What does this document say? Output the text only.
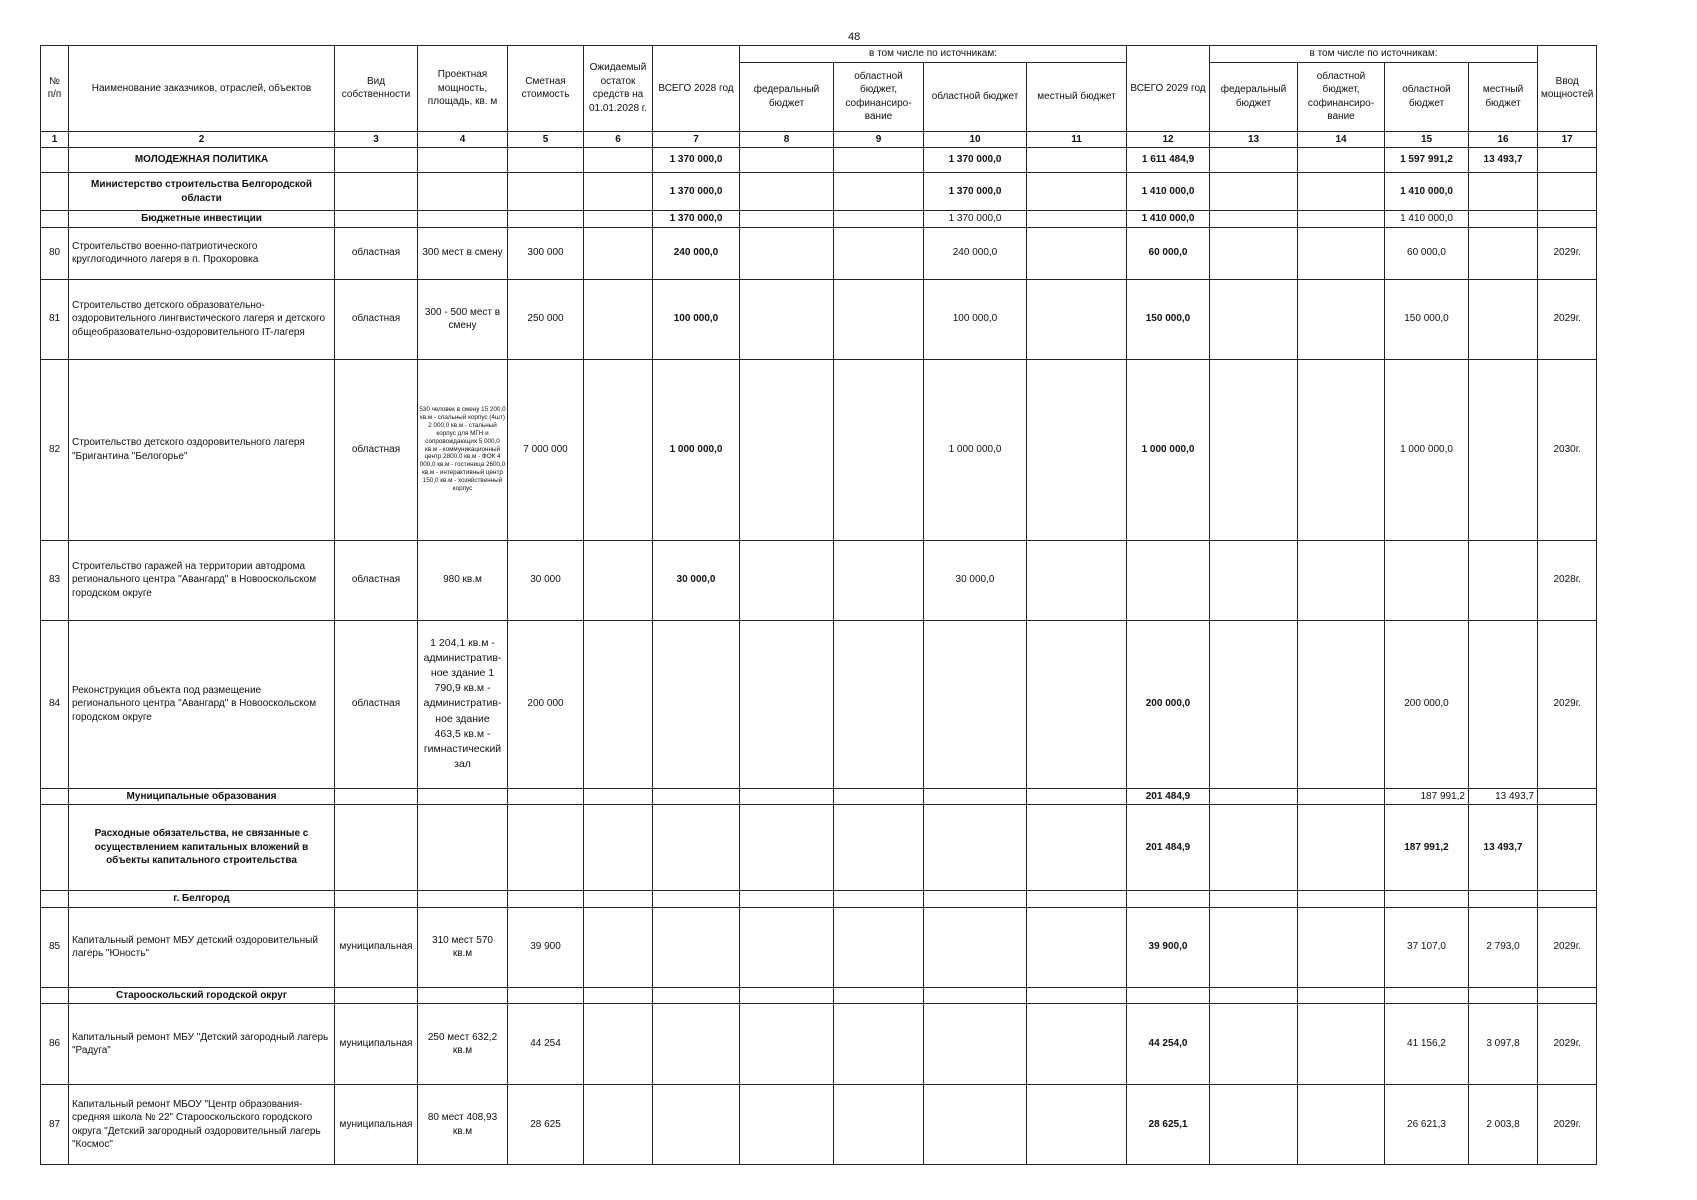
48
№ п/п	Наименование заказчиков, отраслей, объектов	Вид собственности	Проектная мощность, площадь, кв. м	Сметная стоимость	Ожидаемый остаток средств на 01.01.2028 г.	ВСЕГО 2028 год	в том числе по источникам:				ВСЕГО 2029 год	в том числе по источникам:				Ввод мощностей
							федеральный бюджет	областной бюджет, софинансиро-вание	областной бюджет	местный бюджет		федеральный бюджет	областной бюджет, софинансиро-вание	областной бюджет	местный бюджет	
1	2	3	4	5	6	7	8	9	10	11	12	13	14	15	16	17
	МОЛОДЕЖНАЯ ПОЛИТИКА					1 370 000,0			1 370 000,0		1 611 484,9			1 597 991,2	13 493,7	
	Министерство строительства Белгородской области					1 370 000,0			1 370 000,0		1 410 000,0			1 410 000,0		
	Бюджетные инвестиции					1 370 000,0			1 370 000,0		1 410 000,0			1 410 000,0		
80	Строительство военно-патриотического круглогодичного лагеря в п. Прохоровка	областная	300 мест в смену	300 000		240 000,0			240 000,0		60 000,0			60 000,0		2029г.
81	Строительство детского образовательно-оздоровительного лингвистического лагеря и детского общеобразовательно-оздоровительного IT-лагеря	областная	300 - 500 мест в смену	250 000		100 000,0			100 000,0		150 000,0			150 000,0		2029г.
82	Строительство детского оздоровительного лагеря "Бригантина "Белогорье"	областная	530 человек в смену 15 200,0 кв.м - спальный корпус (4шт) 2 000,0 кв.м - стальный корпус для МГН и сопровождающих 5 000,0 кв.м - коммуникационный центр 2800,0 кв.м - ФОК 4 000,0 кв.м - гостиница 2600,0 кв.м - интерактивный центр 150,0 кв.м - хозяйственный корпус	7 000 000		1 000 000,0			1 000 000,0		1 000 000,0			1 000 000,0		2030г.
83	Строительство гаражей на территории автодрома регионального центра "Авангард" в Новооскольском городском округе	областная	980 кв.м	30 000		30 000,0			30 000,0							2028г.
84	Реконструкция объекта под размещение регионального центра "Авангард" в Новооскольском городском округе	областная	1 204,1 кв.м - административ-ное здание 1 790,9 кв.м - административ-ное здание 463,5 кв.м - гимнастический зал	200 000							200 000,0			200 000,0		2029г.
	Муниципальные образования										201 484,9			187 991,2	13 493,7	
	Расходные обязательства, не связанные с осуществлением капитальных вложений в объекты капитального строительства										201 484,9			187 991,2	13 493,7	
	г. Белгород															
85	Капитальный ремонт МБУ детский оздоровительный лагерь "Юность"	муниципальная	310 мест 570 кв.м	39 900							39 900,0			37 107,0	2 793,0	2029г.
	Старооскольский городской округ															
86	Капитальный ремонт МБУ "Детский загородный лагерь "Радуга"	муниципальная	250 мест 632,2 кв.м	44 254							44 254,0			41 156,2	3 097,8	2029г.
87	Капитальный ремонт МБОУ "Центр образования-средняя школа № 22" Старооскольского городского округа "Детский загородный оздоровительный лагерь "Космос"	муниципальная	80 мест 408,93 кв.м	28 625							28 625,1			26 621,3	2 003,8	2029г.
